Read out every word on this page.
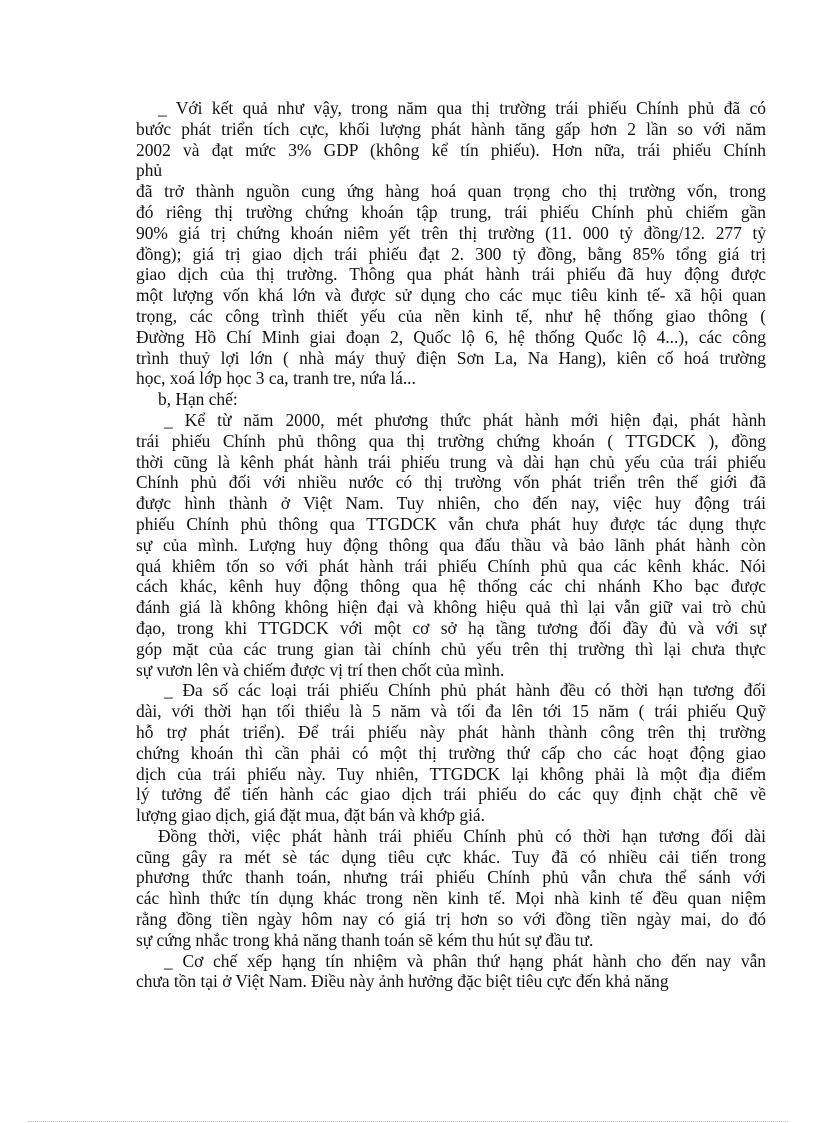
_ Với kết quả như vậy, trong năm qua thị trường trái phiếu Chính phủ đã có
bước phát triển tích cực, khối lượng phát hành tăng gấp hơn 2 lần so với năm
2002 và đạt mức 3% GDP (không kể tín phiếu). Hơn nữa, trái phiếu Chính
phủ
đã trở thành nguồn cung ứng hàng hoá quan trọng cho thị trường vốn, trong
đó riêng thị trường chứng khoán tập trung, trái phiếu Chính phủ chiếm gần
90% giá trị chứng khoán niêm yết trên thị trường (11. 000 tỷ đồng/12. 277 tỷ
đồng); giá trị giao dịch trái phiếu đạt 2. 300 tỷ đồng, bằng 85% tổng giá trị
giao dịch của thị trường. Thông qua phát hành trái phiếu đã huy động được
một lượng vốn khá lớn và được sử dụng cho các mục tiêu kinh tế- xã hội quan
trọng, các công trình thiết yếu của nền kinh tế, như hệ thống giao thông (
Đường Hồ Chí Minh giai đoạn 2, Quốc lộ 6, hệ thống Quốc lộ 4...), các công
trình thuỷ lợi lớn ( nhà máy thuỷ điện Sơn La, Na Hang), kiên cố hoá trường
học, xoá lớp học 3 ca, tranh tre, nứa lá...
b, Hạn chế:
_ Kể từ năm 2000, mét phương thức phát hành mới hiện đại, phát hành
trái phiếu Chính phủ thông qua thị trường chứng khoán ( TTGDCK ), đồng
thời cũng là kênh phát hành trái phiếu trung và dài hạn chủ yếu của trái phiếu
Chính phủ đối với nhiều nước có thị trường vốn phát triển trên thế giới đã
được hình thành ở Việt Nam. Tuy nhiên, cho đến nay, việc huy động trái
phiếu Chính phủ thông qua TTGDCK vẫn chưa phát huy được tác dụng thực
sự của mình. Lượng huy động thông qua đấu thầu và bảo lãnh phát hành còn
quá khiêm tốn so với phát hành trái phiếu Chính phủ qua các kênh khác. Nói
cách khác, kênh huy động thông qua hệ thống các chi nhánh Kho bạc được
đánh giá là không không hiện đại và không hiệu quả thì lại vẫn giữ vai trò chủ
đạo, trong khi TTGDCK với một cơ sở hạ tầng tương đối đầy đủ và với sự
góp mặt của các trung gian tài chính chủ yếu trên thị trường thì lại chưa thực
sự vươn lên và chiếm được vị trí then chốt của mình.
_ Đa số các loại trái phiếu Chính phủ phát hành đều có thời hạn tương đối
dài, với thời hạn tối thiểu là 5 năm và tối đa lên tới 15 năm ( trái phiếu Quỹ
hỗ trợ phát triển). Để trái phiếu này phát hành thành công trên thị trường
chứng khoán thì cần phải có một thị trường thứ cấp cho các hoạt động giao
dịch của trái phiếu này. Tuy nhiên, TTGDCK lại không phải là một địa điểm
lý tưởng để tiến hành các giao dịch trái phiếu do các quy định chặt chẽ về
lượng giao dịch, giá đặt mua, đặt bán và khớp giá.
Đồng thời, việc phát hành trái phiếu Chính phủ có thời hạn tương đối dài
cũng gây ra mét sè tác dụng tiêu cực khác. Tuy đã có nhiều cải tiến trong
phương thức thanh toán, nhưng trái phiếu Chính phủ vẫn chưa thể sánh với
các hình thức tín dụng khác trong nền kinh tế. Mọi nhà kinh tế đều quan niệm
rằng đồng tiền ngày hôm nay có giá trị hơn so với đồng tiền ngày mai, do đó
sự cứng nhắc trong khả năng thanh toán sẽ kém thu hút sự đầu tư.
_ Cơ chế xếp hạng tín nhiệm và phân thứ hạng phát hành cho đến nay vẫn
chưa tồn tại ở Việt Nam. Điều này ảnh hưởng đặc biệt tiêu cực đến khả năng
